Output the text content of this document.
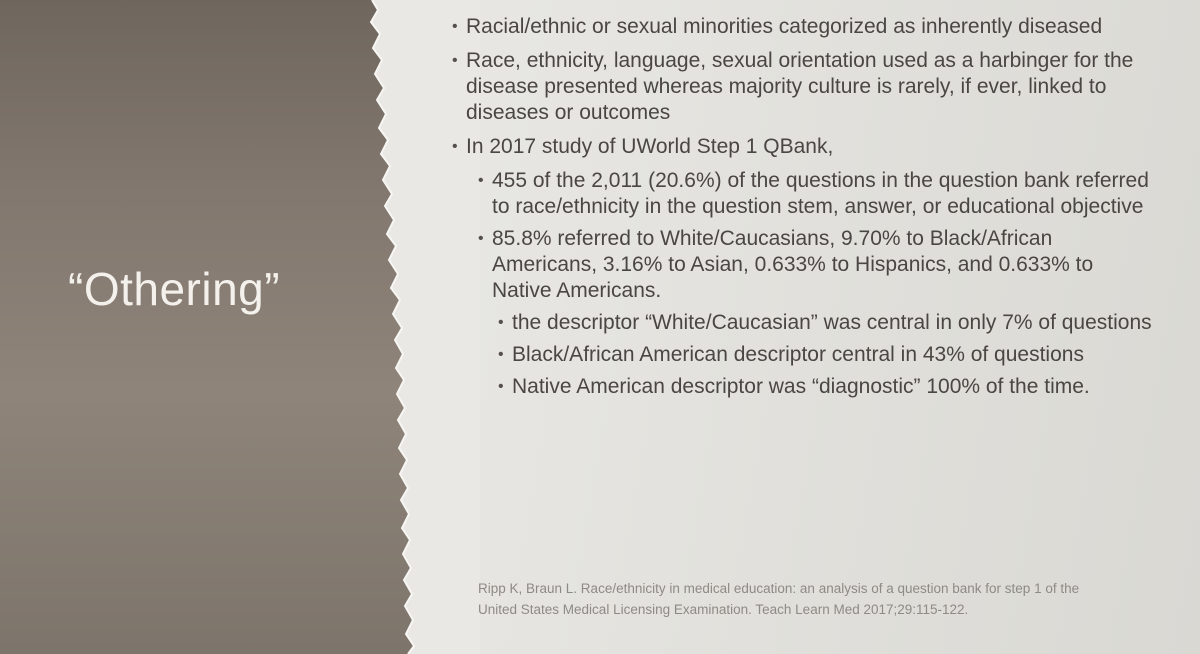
“Othering”
• Racial/ethnic or sexual minorities categorized as inherently diseased
• Race, ethnicity, language, sexual orientation used as a harbinger for the disease presented whereas majority culture is rarely, if ever, linked to diseases or outcomes
• In 2017 study of UWorld Step 1 QBank,
• 455 of the 2,011 (20.6%) of the questions in the question bank referred to race/ethnicity in the question stem, answer, or educational objective
• 85.8% referred to White/Caucasians, 9.70% to Black/African Americans, 3.16% to Asian, 0.633% to Hispanics, and 0.633% to Native Americans.
• the descriptor “White/Caucasian” was central in only 7% of questions
• Black/African American descriptor central in 43% of questions
• Native American descriptor was “diagnostic” 100% of the time.
Ripp K, Braun L. Race/ethnicity in medical education: an analysis of a question bank for step 1 of the United States Medical Licensing Examination. Teach Learn Med 2017;29:115-122.
